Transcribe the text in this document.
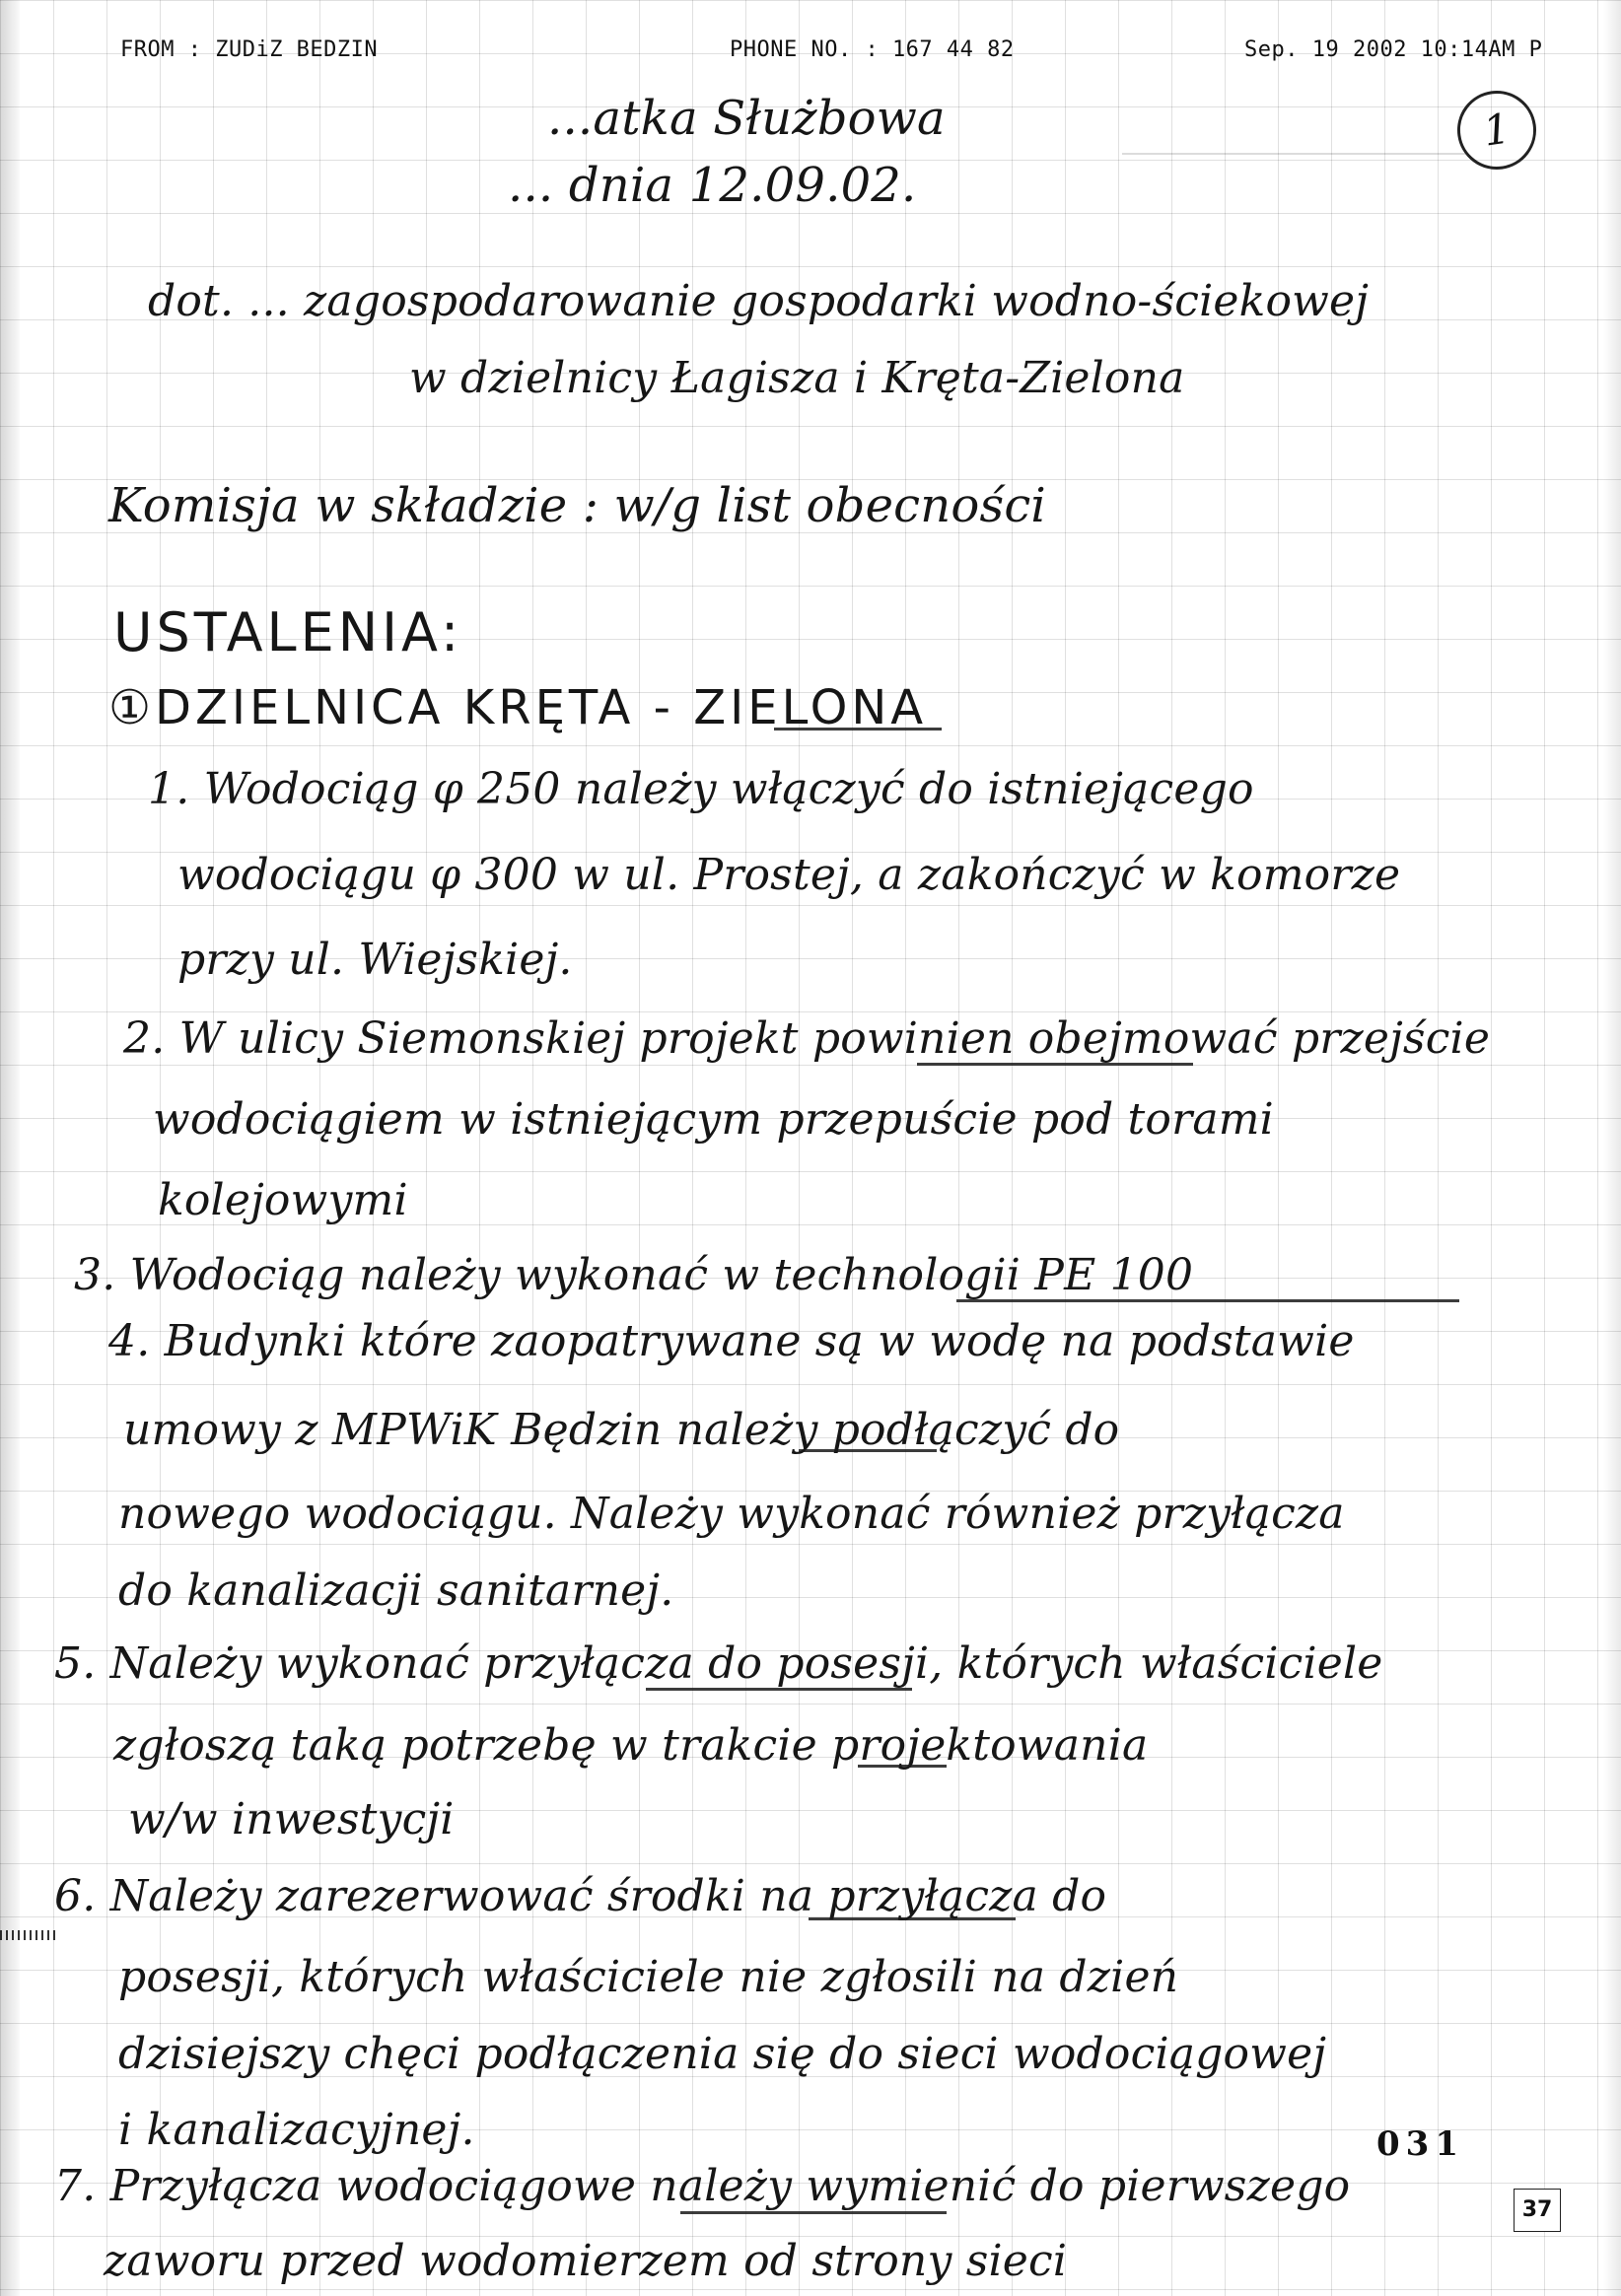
FROM : ZUDiZ BEDZIN	PHONE NO. : 167 44 82	Sep. 19 2002 10:14AM P
1
...atka Służbowa
... dnia 12.09.02.
dot. ... zagospodarowanie gospodarki wodno-ściekowej
w dzielnicy Łagisza i Kręta-Zielona
Komisja w składzie : w/g list obecności
USTALENIA:
①DZIELNICA KRĘTA - ZIELONA
1. Wodociąg φ 250 należy włączyć do istniejącego
wodociągu φ 300 w ul. Prostej, a zakończyć w komorze
przy ul. Wiejskiej.
2. W ulicy Siemonskiej projekt powinien obejmować przejście
wodociągiem w istniejącym przepuście pod torami
kolejowymi
3. Wodociąg należy wykonać w technologii PE 100
4. Budynki które zaopatrywane są w wodę na podstawie
umowy z MPWiK Będzin należy podłączyć do
nowego wodociągu. Należy wykonać również przyłącza
do kanalizacji sanitarnej.
5. Należy wykonać przyłącza do posesji, których właściciele
zgłoszą taką potrzebę w trakcie projektowania
w/w inwestycji
6. Należy zarezerwować środki na przyłącza do
posesji, których właściciele nie zgłosili na dzień
dzisiejszy chęci podłączenia się do sieci wodociągowej
i kanalizacyjnej.	031
7. Przyłącza wodociągowe należy wymienić do pierwszego
zaworu przed wodomierzem od strony sieci
37
